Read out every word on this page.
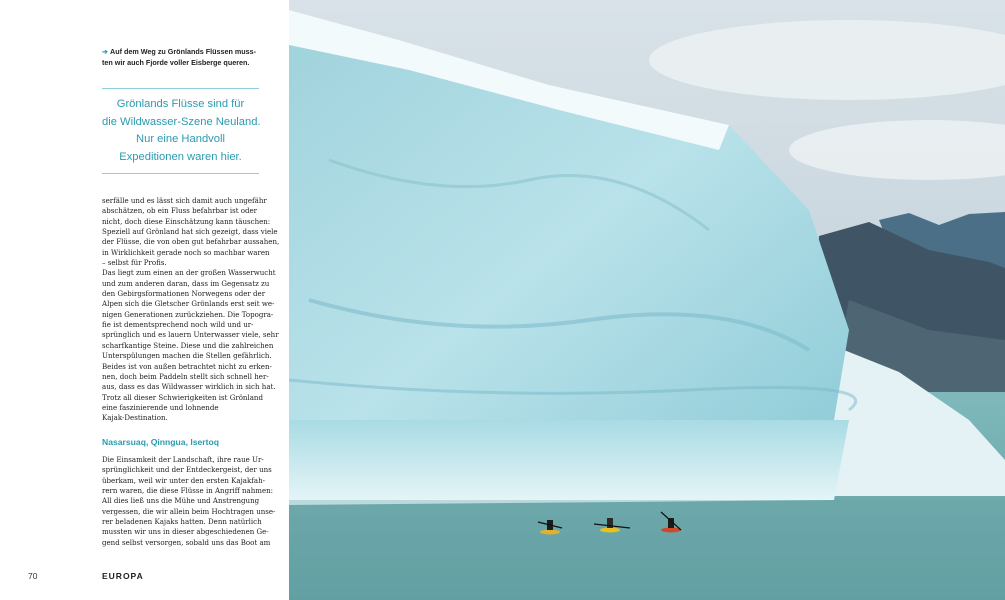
➔ Auf dem Weg zu Grönlands Flüssen muss-
ten wir auch Fjorde voller Eisberge queren.
Grönlands Flüsse sind für
die Wildwasser-Szene Neuland.
Nur eine Handvoll
Expeditionen waren hier.
serfälle und es lässt sich damit auch ungefähr
abschätzen, ob ein Fluss befahrbar ist oder
nicht, doch diese Einschätzung kann täuschen:
Speziell auf Grönland hat sich gezeigt, dass viele
der Flüsse, die von oben gut befahrbar aussahen,
in Wirklichkeit gerade noch so machbar waren
– selbst für Profis.
Das liegt zum einen an der großen Wasserwucht
und zum anderen daran, dass im Gegensatz zu
den Gebirgsformationen Norwegens oder der
Alpen sich die Gletscher Grönlands erst seit we-
nigen Generationen zurückziehen. Die Topogra-
fie ist dementsprechend noch wild und ur-
sprünglich und es lauern Unterwasser viele, sehr
scharfkantige Steine. Diese und die zahlreichen
Unterspülungen machen die Stellen gefährlich.
Beides ist von außen betrachtet nicht zu erken-
nen, doch beim Paddeln stellt sich schnell her-
aus, dass es das Wildwasser wirklich in sich hat.
Trotz all dieser Schwierigkeiten ist Grönland
eine faszinierende und lohnende
Kajak-Destination.
Nasarsuaq, Qinngua, Isertoq
Die Einsamkeit der Landschaft, ihre raue Ur-
sprünglichkeit und der Entdeckergeist, der uns
überkam, weil wir unter den ersten Kajakfah-
rern waren, die diese Flüsse in Angriff nahmen:
All dies ließ uns die Mühe und Anstrengung
vergessen, die wir allein beim Hochtragen unse-
rer beladenen Kajaks hatten. Denn natürlich
mussten wir uns in dieser abgeschiedenen Ge-
gend selbst versorgen, sobald uns das Boot am
70	EUROPA
